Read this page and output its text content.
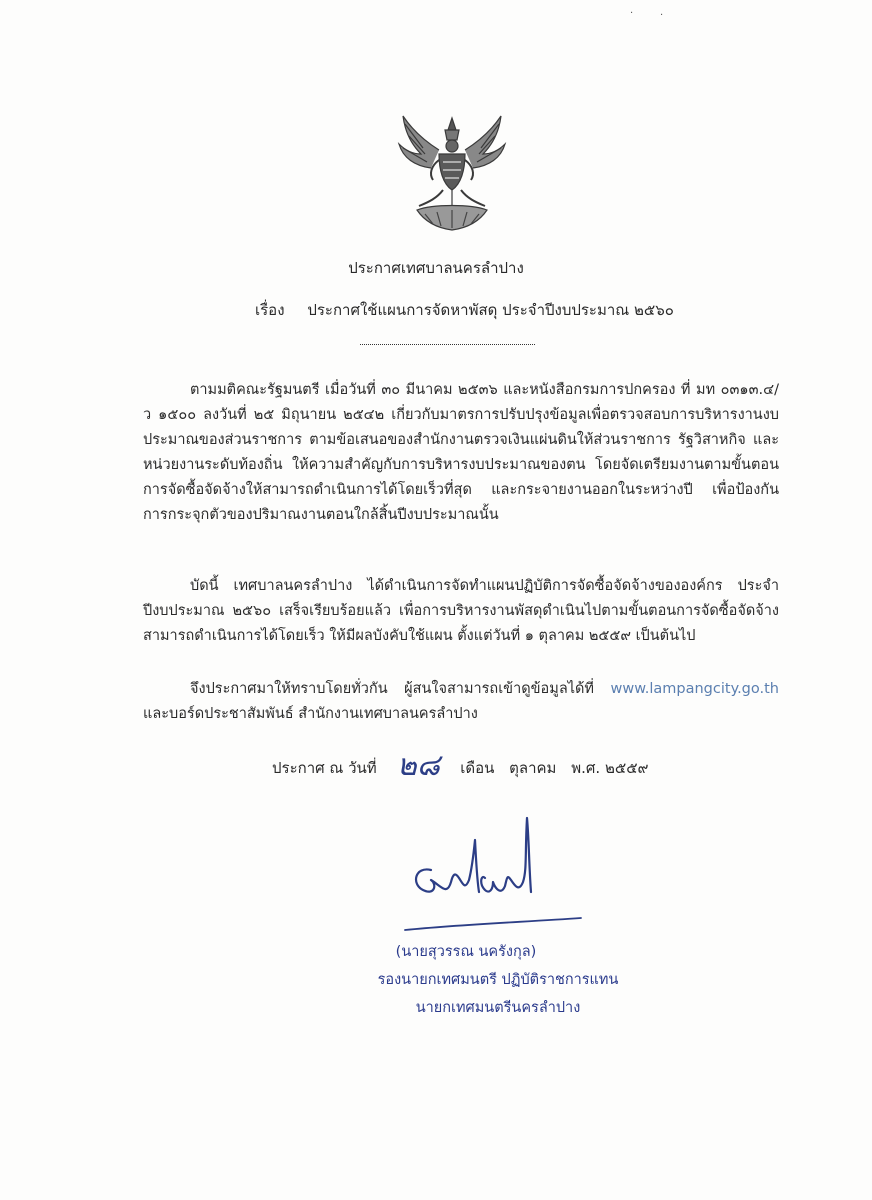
·	·
ประกาศเทศบาลนครลำปาง
เรื่อง ประกาศใช้แผนการจัดหาพัสดุ ประจำปีงบประมาณ ๒๕๖๐

ตามมติคณะรัฐมนตรี เมื่อวันที่ ๓๐ มีนาคม ๒๕๓๖ และหนังสือกรมการปกครอง ที่ มท ๐๓๑๓.๔/ว ๑๕๐๐ ลงวันที่ ๒๕ มิถุนายน ๒๕๔๒ เกี่ยวกับมาตรการปรับปรุงข้อมูลเพื่อตรวจสอบการบริหารงานงบประมาณของส่วนราชการ ตามข้อเสนอของสำนักงานตรวจเงินแผ่นดินให้ส่วนราชการ รัฐวิสาหกิจ และหน่วยงานระดับท้องถิ่น ให้ความสำคัญกับการบริหารงบประมาณของตน โดยจัดเตรียมงานตามขั้นตอนการจัดซื้อจัดจ้างให้สามารถดำเนินการได้โดยเร็วที่สุด และกระจายงานออกในระหว่างปี เพื่อป้องกันการกระจุกตัวของปริมาณงานตอนใกล้สิ้นปีงบประมาณนั้น

บัดนี้ เทศบาลนครลำปาง ได้ดำเนินการจัดทำแผนปฏิบัติการจัดซื้อจัดจ้างขององค์กร ประจำปีงบประมาณ ๒๕๖๐ เสร็จเรียบร้อยแล้ว เพื่อการบริหารงานพัสดุดำเนินไปตามขั้นตอนการจัดซื้อจัดจ้าง สามารถดำเนินการได้โดยเร็ว ให้มีผลบังคับใช้แผน ตั้งแต่วันที่ ๑ ตุลาคม ๒๕๕๙ เป็นต้นไป

จึงประกาศมาให้ทราบโดยทั่วกัน ผู้สนใจสามารถเข้าดูข้อมูลได้ที่ www.lampangcity.go.th และบอร์ดประชาสัมพันธ์ สำนักงานเทศบาลนครลำปาง

ประกาศ ณ วันที่ ๒๘ เดือน ตุลาคม พ.ศ. ๒๕๕๙
(นายสุวรรณ นครังกุล)
รองนายกเทศมนตรี ปฏิบัติราชการแทน
นายกเทศมนตรีนครลำปาง
